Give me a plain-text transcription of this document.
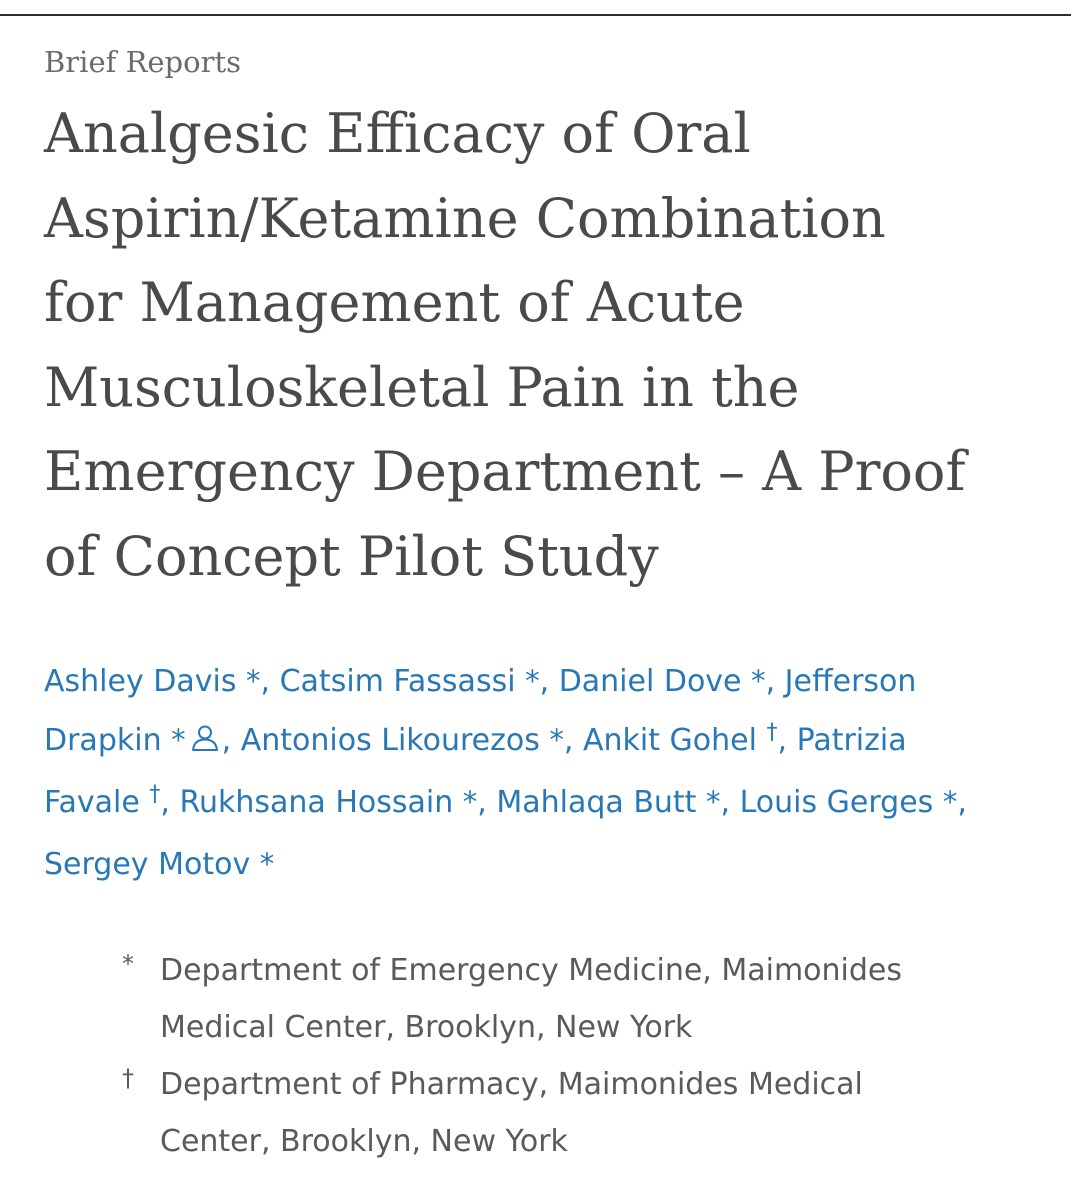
Brief Reports
Analgesic Efficacy of Oral
Aspirin/Ketamine Combination
for Management of Acute
Musculoskeletal Pain in the
Emergency Department – A Proof
of Concept Pilot Study
Ashley Davis *, Catsim Fassassi *, Daniel Dove *, Jefferson
Drapkin * , Antonios Likourezos *, Ankit Gohel †, Patrizia
Favale †, Rukhsana Hossain *, Mahlaqa Butt *, Louis Gerges *,
Sergey Motov *
* Department of Emergency Medicine, Maimonides
Medical Center, Brooklyn, New York
† Department of Pharmacy, Maimonides Medical
Center, Brooklyn, New York
